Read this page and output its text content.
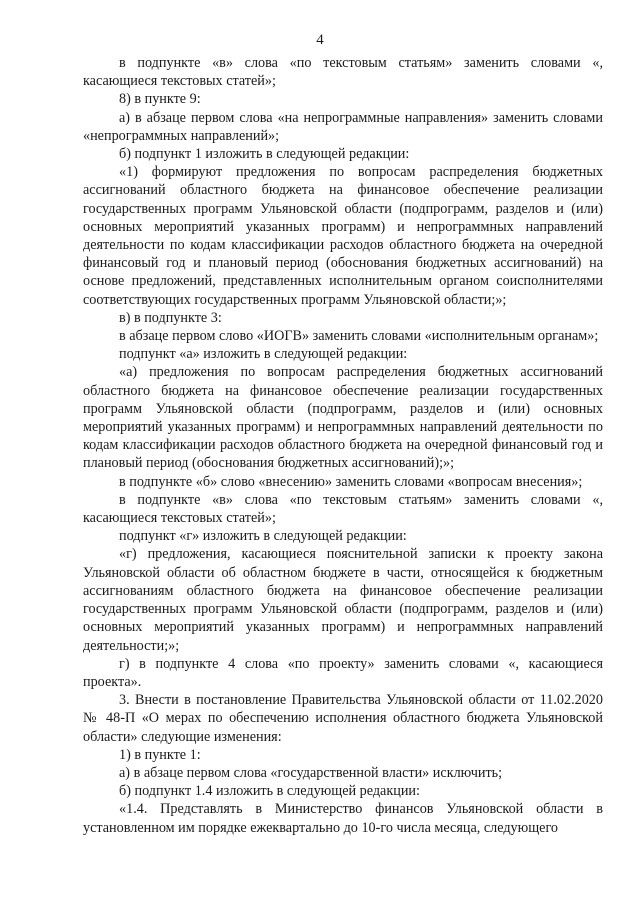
4

в подпункте «в» слова «по текстовым статьям» заменить словами «, касающиеся текстовых статей»;

8) в пункте 9:

а) в абзаце первом слова «на непрограммные направления» заменить словами «непрограммных направлений»;

б) подпункт 1 изложить в следующей редакции:

«1) формируют предложения по вопросам распределения бюджетных ассигнований областного бюджета на финансовое обеспечение реализации государственных программ Ульяновской области (подпрограмм, разделов и (или) основных мероприятий указанных программ) и непрограммных направлений деятельности по кодам классификации расходов областного бюджета на очередной финансовый год и плановый период (обоснования бюджетных ассигнований) на основе предложений, представленных исполнительным органом соисполнителями соответствующих государственных программ Ульяновской области;»;

в) в подпункте 3:

в абзаце первом слово «ИОГВ» заменить словами «исполнительным органам»;

подпункт «а» изложить в следующей редакции:

«а) предложения по вопросам распределения бюджетных ассигнований областного бюджета на финансовое обеспечение реализации государственных программ Ульяновской области (подпрограмм, разделов и (или) основных мероприятий указанных программ) и непрограммных направлений деятельности по кодам классификации расходов областного бюджета на очередной финансовый год и плановый период (обоснования бюджетных ассигнований);»;

в подпункте «б» слово «внесению» заменить словами «вопросам внесения»;

в подпункте «в» слова «по текстовым статьям» заменить словами «, касающиеся текстовых статей»;

подпункт «г» изложить в следующей редакции:

«г) предложения, касающиеся пояснительной записки к проекту закона Ульяновской области об областном бюджете в части, относящейся к бюджетным ассигнованиям областного бюджета на финансовое обеспечение реализации государственных программ Ульяновской области (подпрограмм, разделов и (или) основных мероприятий указанных программ) и непрограммных направлений деятельности;»;

г) в подпункте 4 слова «по проекту» заменить словами «, касающиеся проекта».

3. Внести в постановление Правительства Ульяновской области от 11.02.2020 № 48-П «О мерах по обеспечению исполнения областного бюджета Ульяновской области» следующие изменения:

1) в пункте 1:

а) в абзаце первом слова «государственной власти» исключить;

б) подпункт 1.4 изложить в следующей редакции:

«1.4. Представлять в Министерство финансов Ульяновской области в установленном им порядке ежеквартально до 10-го числа месяца, следующего
